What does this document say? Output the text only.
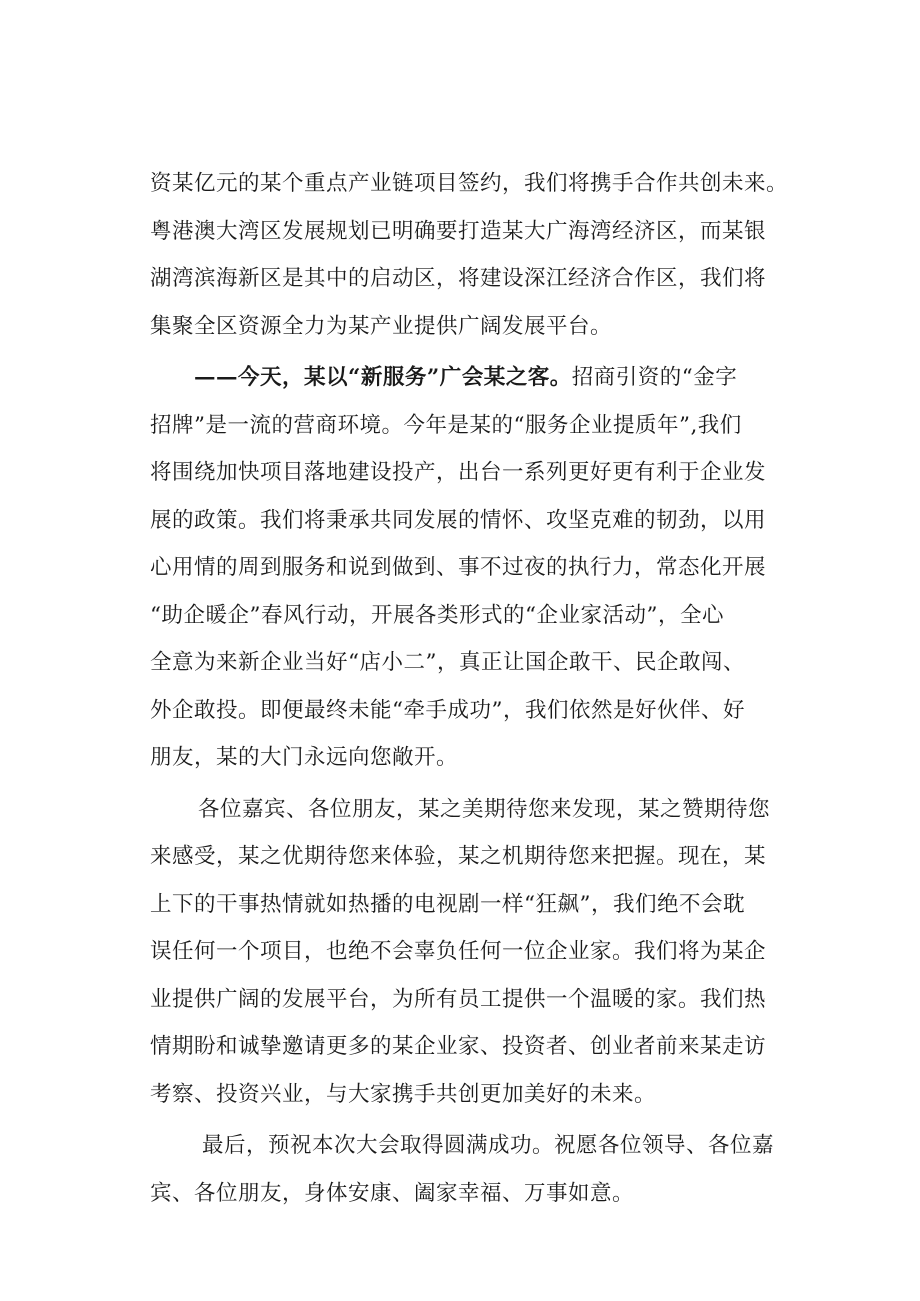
资某亿元的某个重点产业链项目签约，我们将携手合作共创未来。
粤港澳大湾区发展规划已明确要打造某大广海湾经济区，而某银
湖湾滨海新区是其中的启动区，将建设深江经济合作区，我们将
集聚全区资源全力为某产业提供广阔发展平台。
——今天，某以“新服务”广会某之客。招商引资的“金字
招牌”是一流的营商环境。今年是某的“服务企业提质年”,我们
将围绕加快项目落地建设投产，出台一系列更好更有利于企业发
展的政策。我们将秉承共同发展的情怀、攻坚克难的韧劲，以用
心用情的周到服务和说到做到、事不过夜的执行力，常态化开展
“助企暖企”春风行动，开展各类形式的“企业家活动”，全心
全意为来新企业当好“店小二”，真正让国企敢干、民企敢闯、
外企敢投。即便最终未能“牵手成功”，我们依然是好伙伴、好
朋友，某的大门永远向您敞开。
各位嘉宾、各位朋友，某之美期待您来发现，某之赞期待您
来感受，某之优期待您来体验，某之机期待您来把握。现在，某
上下的干事热情就如热播的电视剧一样“狂飙”，我们绝不会耽
误任何一个项目，也绝不会辜负任何一位企业家。我们将为某企
业提供广阔的发展平台，为所有员工提供一个温暖的家。我们热
情期盼和诚挚邀请更多的某企业家、投资者、创业者前来某走访
考察、投资兴业，与大家携手共创更加美好的未来。
最后，预祝本次大会取得圆满成功。祝愿各位领导、各位嘉
宾、各位朋友，身体安康、阖家幸福、万事如意。
